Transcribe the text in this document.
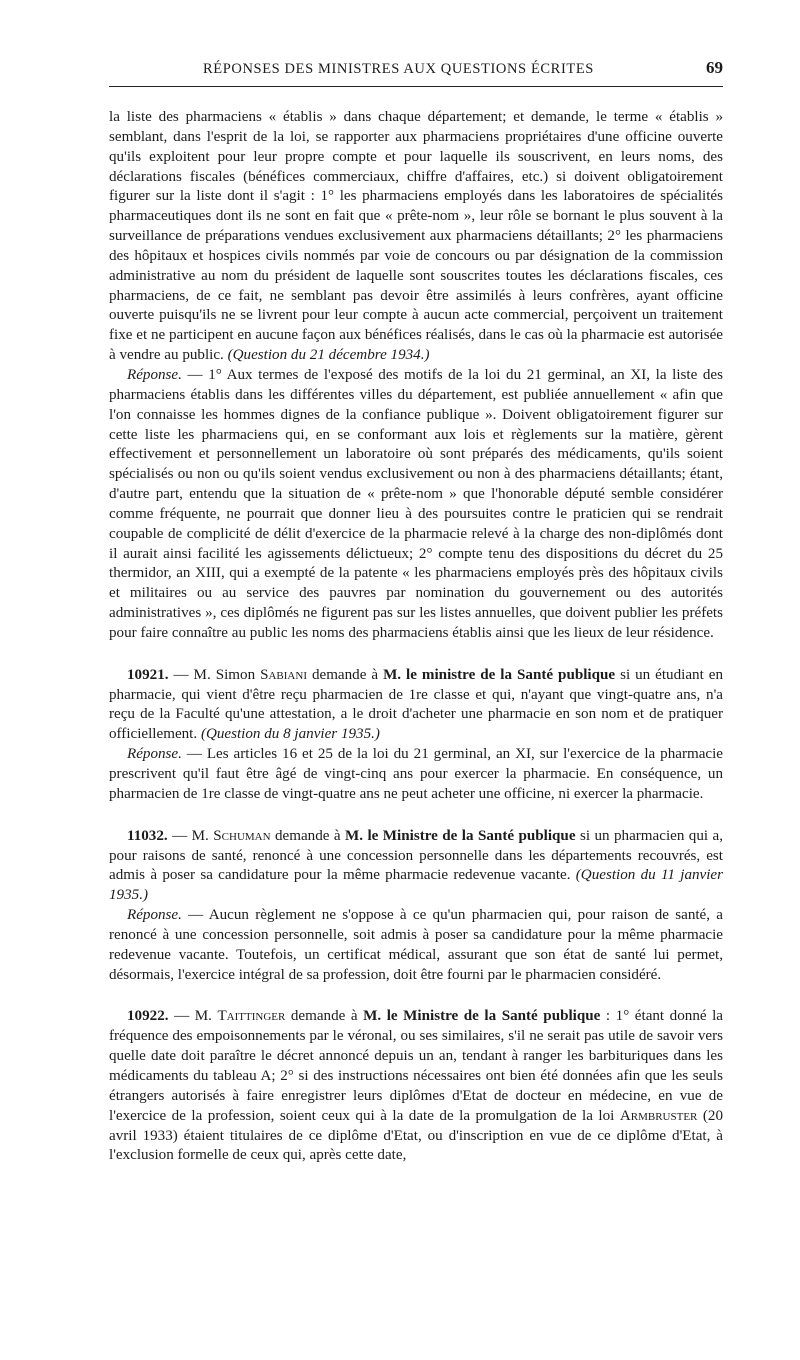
RÉPONSES DES MINISTRES AUX QUESTIONS ÉCRITES	69

la liste des pharmaciens « établis » dans chaque département; et demande, le terme « établis » semblant, dans l'esprit de la loi, se rapporter aux pharmaciens propriétaires d'une officine ouverte qu'ils exploitent pour leur propre compte et pour laquelle ils souscrivent, en leurs noms, des déclarations fiscales (bénéfices commerciaux, chiffre d'affaires, etc.) si doivent obligatoirement figurer sur la liste dont il s'agit : 1° les pharmaciens employés dans les laboratoires de spécialités pharmaceutiques dont ils ne sont en fait que « prête-nom », leur rôle se bornant le plus souvent à la surveillance de préparations vendues exclusivement aux pharmaciens détaillants; 2° les pharmaciens des hôpitaux et hospices civils nommés par voie de concours ou par désignation de la commission administrative au nom du président de laquelle sont souscrites toutes les déclarations fiscales, ces pharmaciens, de ce fait, ne semblant pas devoir être assimilés à leurs confrères, ayant officine ouverte puisqu'ils ne se livrent pour leur compte à aucun acte commercial, perçoivent un traitement fixe et ne participent en aucune façon aux bénéfices réalisés, dans le cas où la pharmacie est autorisée à vendre au public. (Question du 21 décembre 1934.)

Réponse. — 1° Aux termes de l'exposé des motifs de la loi du 21 germinal, an XI, la liste des pharmaciens établis dans les différentes villes du département, est publiée annuellement « afin que l'on connaisse les hommes dignes de la confiance publique ». Doivent obligatoirement figurer sur cette liste les pharmaciens qui, en se conformant aux lois et règlements sur la matière, gèrent effectivement et personnellement un laboratoire où sont préparés des médicaments, qu'ils soient spécialisés ou non ou qu'ils soient vendus exclusivement ou non à des pharmaciens détaillants; étant, d'autre part, entendu que la situation de « prête-nom » que l'honorable député semble considérer comme fréquente, ne pourrait que donner lieu à des poursuites contre le praticien qui se rendrait coupable de complicité de délit d'exercice de la pharmacie relevé à la charge des non-diplômés dont il aurait ainsi facilité les agissements délictueux; 2° compte tenu des dispositions du décret du 25 thermidor, an XIII, qui a exempté de la patente « les pharmaciens employés près des hôpitaux civils et militaires ou au service des pauvres par nomination du gouvernement ou des autorités administratives », ces diplômés ne figurent pas sur les listes annuelles, que doivent publier les préfets pour faire connaître au public les noms des pharmaciens établis ainsi que les lieux de leur résidence.

10921. — M. Simon Sabiani demande à M. le ministre de la Santé publique si un étudiant en pharmacie, qui vient d'être reçu pharmacien de 1re classe et qui, n'ayant que vingt-quatre ans, n'a reçu de la Faculté qu'une attestation, a le droit d'acheter une pharmacie en son nom et de pratiquer officiellement. (Question du 8 janvier 1935.)

Réponse. — Les articles 16 et 25 de la loi du 21 germinal, an XI, sur l'exercice de la pharmacie prescrivent qu'il faut être âgé de vingt-cinq ans pour exercer la pharmacie. En conséquence, un pharmacien de 1re classe de vingt-quatre ans ne peut acheter une officine, ni exercer la pharmacie.

11032. — M. Schuman demande à M. le Ministre de la Santé publique si un pharmacien qui a, pour raisons de santé, renoncé à une concession personnelle dans les départements recouvrés, est admis à poser sa candidature pour la même pharmacie redevenue vacante. (Question du 11 janvier 1935.)

Réponse. — Aucun règlement ne s'oppose à ce qu'un pharmacien qui, pour raison de santé, a renoncé à une concession personnelle, soit admis à poser sa candidature pour la même pharmacie redevenue vacante. Toutefois, un certificat médical, assurant que son état de santé lui permet, désormais, l'exercice intégral de sa profession, doit être fourni par le pharmacien considéré.

10922. — M. Taittinger demande à M. le Ministre de la Santé publique : 1° étant donné la fréquence des empoisonnements par le véronal, ou ses similaires, s'il ne serait pas utile de savoir vers quelle date doit paraître le décret annoncé depuis un an, tendant à ranger les barbituriques dans les médicaments du tableau A; 2° si des instructions nécessaires ont bien été données afin que les seuls étrangers autorisés à faire enregistrer leurs diplômes d'Etat de docteur en médecine, en vue de l'exercice de la profession, soient ceux qui à la date de la promulgation de la loi Armbruster (20 avril 1933) étaient titulaires de ce diplôme d'Etat, ou d'inscription en vue de ce diplôme d'Etat, à l'exclusion formelle de ceux qui, après cette date,
